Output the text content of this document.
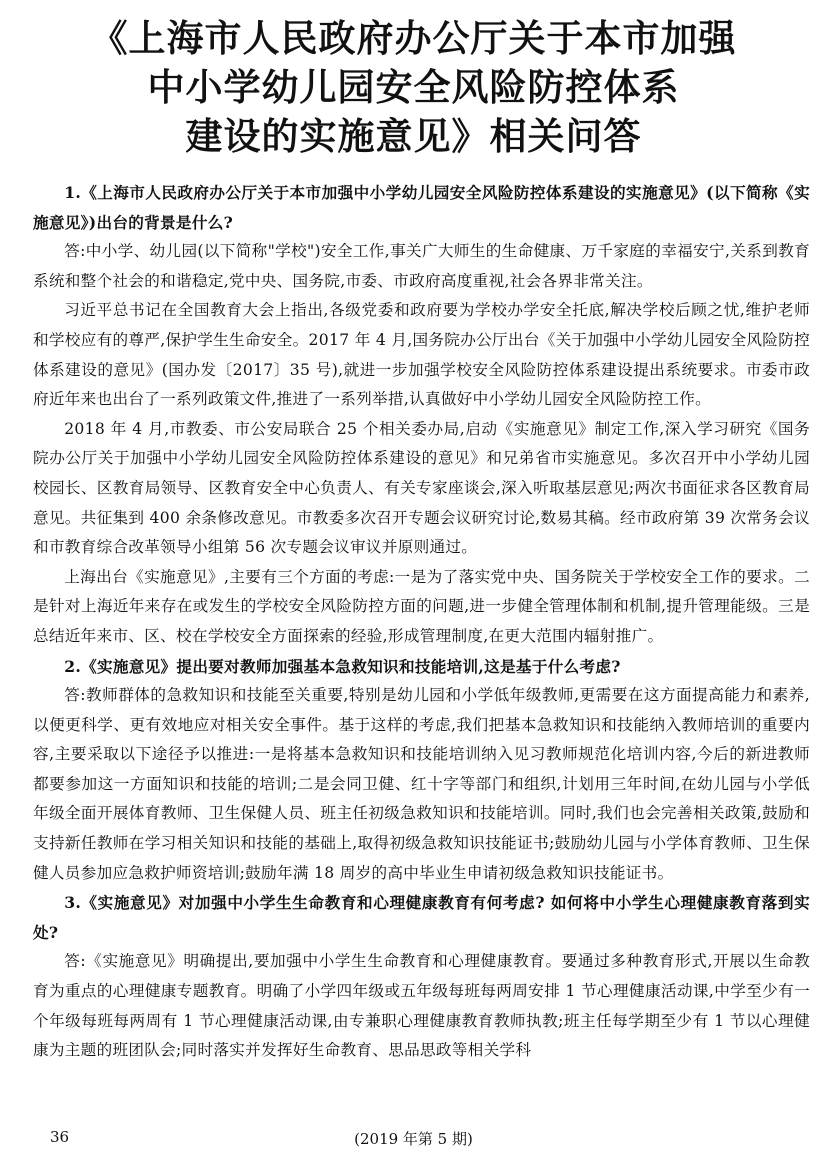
《上海市人民政府办公厅关于本市加强
中小学幼儿园安全风险防控体系
建设的实施意见》相关问答

1.《上海市人民政府办公厅关于本市加强中小学幼儿园安全风险防控体系建设的实施意见》(以下简称《实施意见》)出台的背景是什么?

答:中小学、幼儿园(以下简称"学校")安全工作,事关广大师生的生命健康、万千家庭的幸福安宁,关系到教育系统和整个社会的和谐稳定,党中央、国务院,市委、市政府高度重视,社会各界非常关注。

习近平总书记在全国教育大会上指出,各级党委和政府要为学校办学安全托底,解决学校后顾之忧,维护老师和学校应有的尊严,保护学生生命安全。2017 年 4 月,国务院办公厅出台《关于加强中小学幼儿园安全风险防控体系建设的意见》(国办发〔2017〕35 号),就进一步加强学校安全风险防控体系建设提出系统要求。市委市政府近年来也出台了一系列政策文件,推进了一系列举措,认真做好中小学幼儿园安全风险防控工作。

2018 年 4 月,市教委、市公安局联合 25 个相关委办局,启动《实施意见》制定工作,深入学习研究《国务院办公厅关于加强中小学幼儿园安全风险防控体系建设的意见》和兄弟省市实施意见。多次召开中小学幼儿园校园长、区教育局领导、区教育安全中心负责人、有关专家座谈会,深入听取基层意见;两次书面征求各区教育局意见。共征集到 400 余条修改意见。市教委多次召开专题会议研究讨论,数易其稿。经市政府第 39 次常务会议和市教育综合改革领导小组第 56 次专题会议审议并原则通过。

上海出台《实施意见》,主要有三个方面的考虑:一是为了落实党中央、国务院关于学校安全工作的要求。二是针对上海近年来存在或发生的学校安全风险防控方面的问题,进一步健全管理体制和机制,提升管理能级。三是总结近年来市、区、校在学校安全方面探索的经验,形成管理制度,在更大范围内辐射推广。

2.《实施意见》提出要对教师加强基本急救知识和技能培训,这是基于什么考虑?

答:教师群体的急救知识和技能至关重要,特别是幼儿园和小学低年级教师,更需要在这方面提高能力和素养,以便更科学、更有效地应对相关安全事件。基于这样的考虑,我们把基本急救知识和技能纳入教师培训的重要内容,主要采取以下途径予以推进:一是将基本急救知识和技能培训纳入见习教师规范化培训内容,今后的新进教师都要参加这一方面知识和技能的培训;二是会同卫健、红十字等部门和组织,计划用三年时间,在幼儿园与小学低年级全面开展体育教师、卫生保健人员、班主任初级急救知识和技能培训。同时,我们也会完善相关政策,鼓励和支持新任教师在学习相关知识和技能的基础上,取得初级急救知识技能证书;鼓励幼儿园与小学体育教师、卫生保健人员参加应急救护师资培训;鼓励年满 18 周岁的高中毕业生申请初级急救知识技能证书。

3.《实施意见》对加强中小学生生命教育和心理健康教育有何考虑? 如何将中小学生心理健康教育落到实处?

答:《实施意见》明确提出,要加强中小学生生命教育和心理健康教育。要通过多种教育形式,开展以生命教育为重点的心理健康专题教育。明确了小学四年级或五年级每班每两周安排 1 节心理健康活动课,中学至少有一个年级每班每两周有 1 节心理健康活动课,由专兼职心理健康教育教师执教;班主任每学期至少有 1 节以心理健康为主题的班团队会;同时落实并发挥好生命教育、思品思政等相关学科

36	(2019 年第 5 期)
